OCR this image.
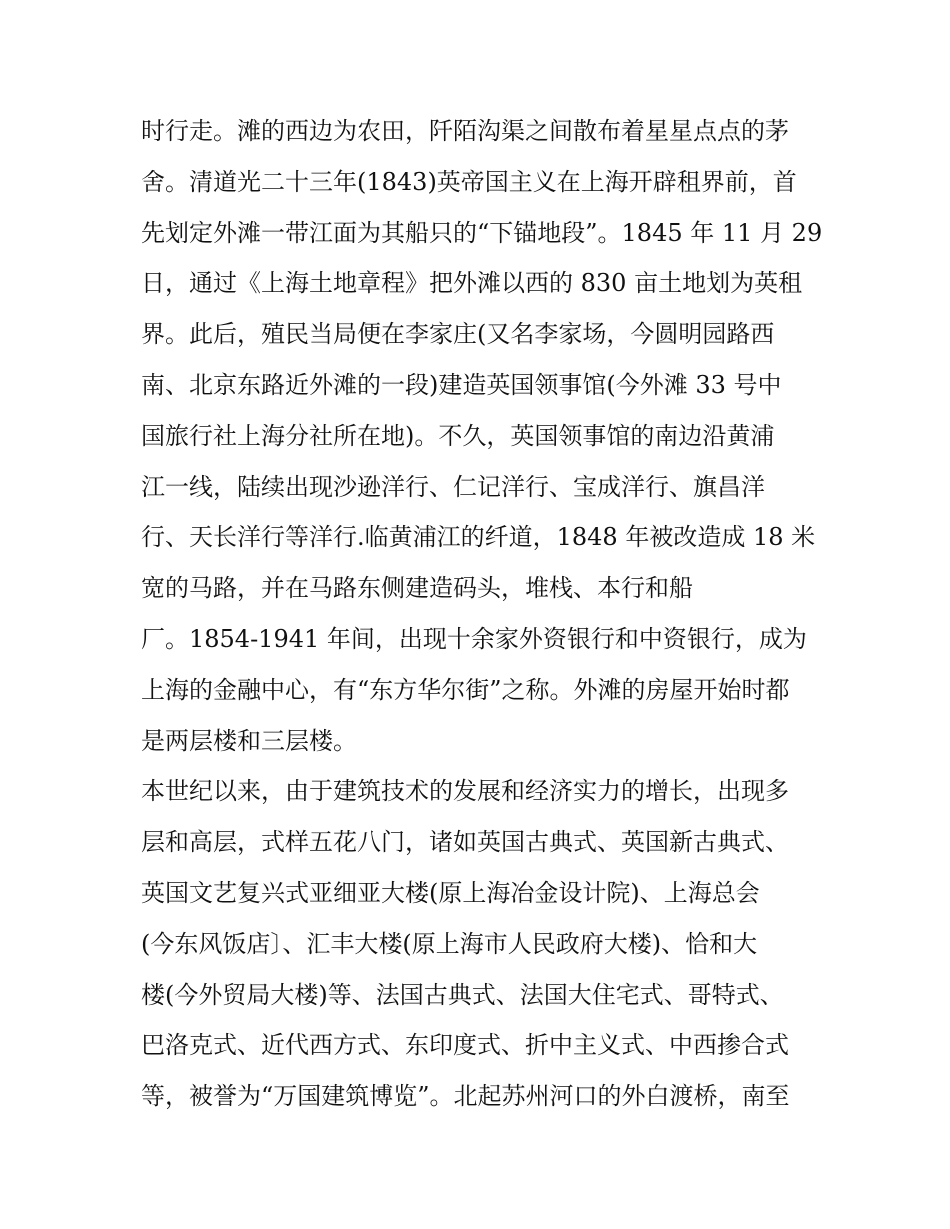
时行走。滩的西边为农田，阡陌沟渠之间散布着星星点点的茅
舍。清道光二十三年(1843)英帝国主义在上海开辟租界前，首
先划定外滩一带江面为其船只的“下锚地段”。1845 年 11 月 29
日，通过《上海土地章程》把外滩以西的 830 亩土地划为英租
界。此后，殖民当局便在李家庄(又名李家场，今圆明园路西
南、北京东路近外滩的一段)建造英国领事馆(今外滩 33 号中
国旅行社上海分社所在地)。不久，英国领事馆的南边沿黄浦
江一线，陆续出现沙逊洋行、仁记洋行、宝成洋行、旗昌洋
行、天长洋行等洋行.临黄浦江的纤道，1848 年被改造成 18 米
宽的马路，并在马路东侧建造码头，堆栈、本行和船
厂。1854-1941 年间，出现十余家外资银行和中资银行，成为
上海的金融中心，有“东方华尔街”之称。外滩的房屋开始时都
是两层楼和三层楼。
本世纪以来，由于建筑技术的发展和经济实力的增长，出现多
层和高层，式样五花八门，诸如英国古典式、英国新古典式、
英国文艺复兴式亚细亚大楼(原上海冶金设计院)、上海总会
(今东风饭店〕、汇丰大楼(原上海市人民政府大楼)、恰和大
楼(今外贸局大楼)等、法国古典式、法国大住宅式、哥特式、
巴洛克式、近代西方式、东印度式、折中主义式、中西掺合式
等，被誉为“万国建筑博览”。北起苏州河口的外白渡桥，南至
